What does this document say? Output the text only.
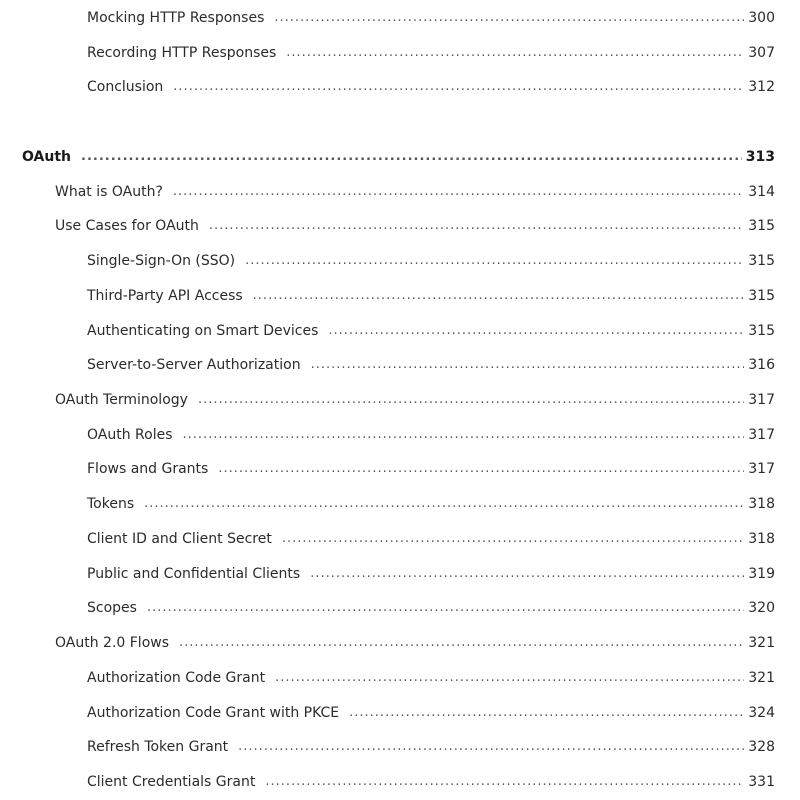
Mocking HTTP Responses .....	300
Recording HTTP Responses .....	307
Conclusion .....	312
OAuth .....	313
What is OAuth? .....	314
Use Cases for OAuth .....	315
Single-Sign-On (SSO) .....	315
Third-Party API Access .....	315
Authenticating on Smart Devices .....	315
Server-to-Server Authorization .....	316
OAuth Terminology .....	317
OAuth Roles .....	317
Flows and Grants .....	317
Tokens .....	318
Client ID and Client Secret .....	318
Public and Confidential Clients .....	319
Scopes .....	320
OAuth 2.0 Flows .....	321
Authorization Code Grant .....	321
Authorization Code Grant with PKCE .....	324
Refresh Token Grant .....	328
Client Credentials Grant .....	331
